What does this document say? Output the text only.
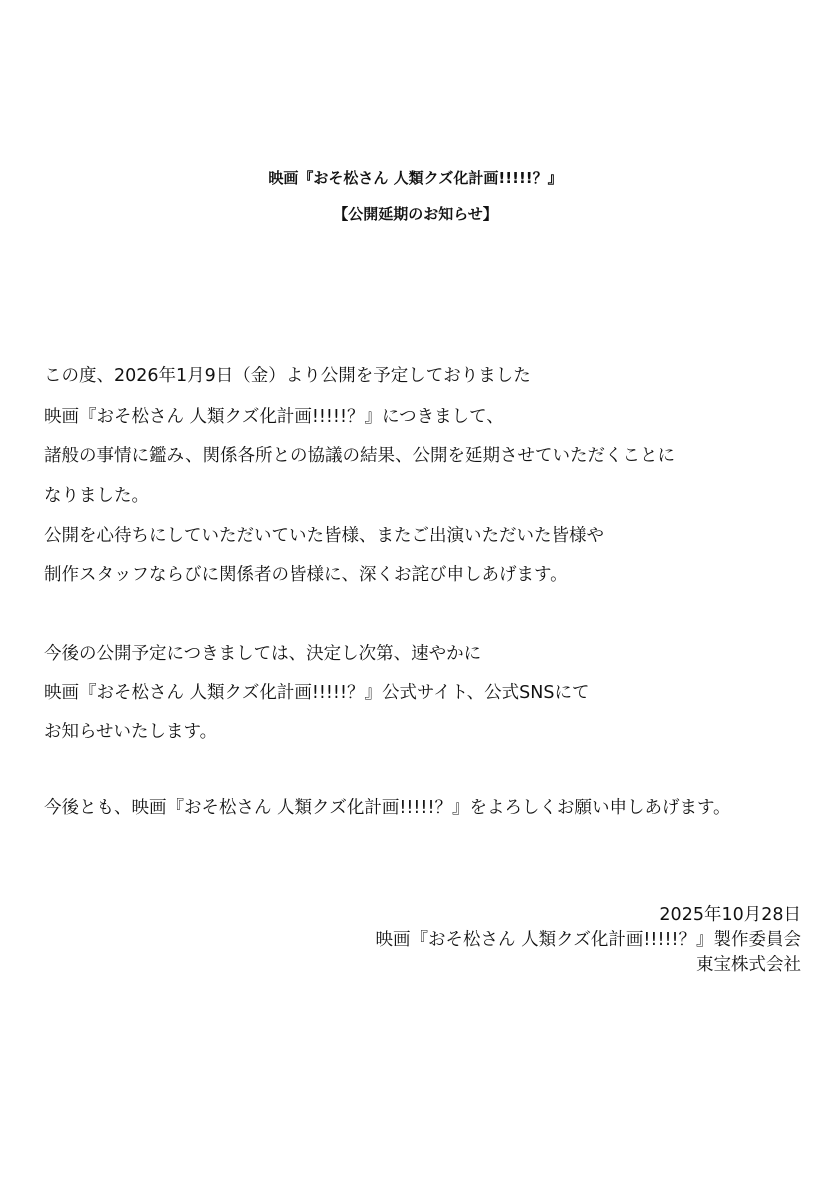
映画『おそ松さん 人類クズ化計画!!!!!？』
【公開延期のお知らせ】
この度、2026年1月9日（金）より公開を予定しておりました
映画『おそ松さん 人類クズ化計画!!!!!？』につきまして、
諸般の事情に鑑み、関係各所との協議の結果、公開を延期させていただくことに
なりました。
公開を心待ちにしていただいていた皆様、またご出演いただいた皆様や
制作スタッフならびに関係者の皆様に、深くお詫び申しあげます。
今後の公開予定につきましては、決定し次第、速やかに
映画『おそ松さん 人類クズ化計画!!!!!？』公式サイト、公式SNSにて
お知らせいたします。
今後とも、映画『おそ松さん 人類クズ化計画!!!!!？』をよろしくお願い申しあげます。
2025年10月28日
映画『おそ松さん 人類クズ化計画!!!!!？』製作委員会
東宝株式会社
